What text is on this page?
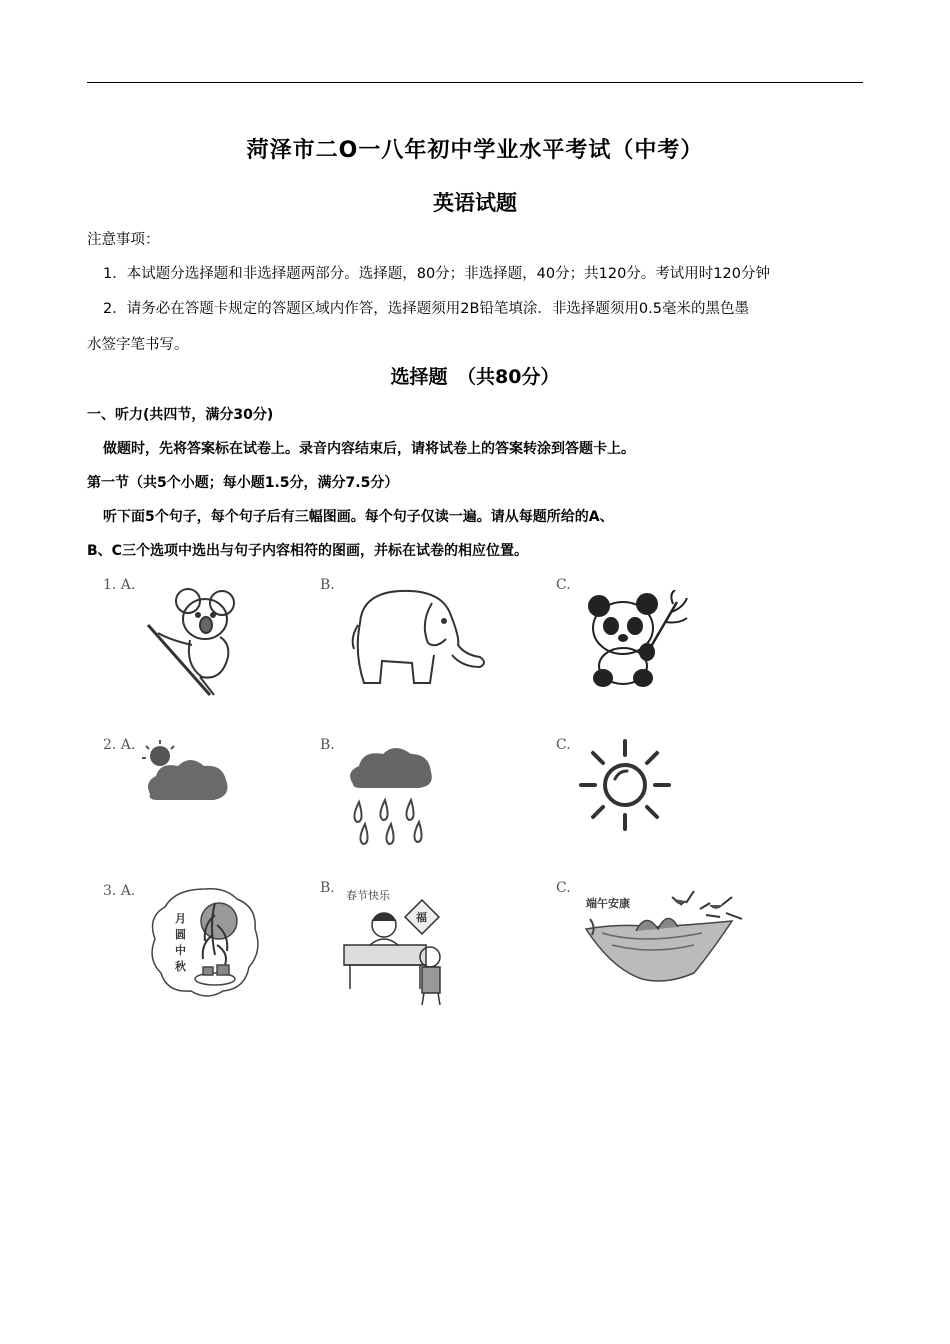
菏泽市二O一八年初中学业水平考试（中考）
英语试题
注意事项：
1．本试题分选择题和非选择题两部分。选择题，80分；非选择题，40分；共120分。考试用时120分钟
2．请务必在答题卡规定的答题区域内作答，选择题须用2B铅笔填涂．非选择题须用0.5毫米的黑色墨
水签字笔书写。
选择题　（共80分）
一、听力(共四节，满分30分)
做题时，先将答案标在试卷上。录音内容结束后，请将试卷上的答案转涂到答题卡上。
第一节（共5个小题；每小题1.5分，满分7.5分）
听下面5个句子，每个句子后有三幅图画。每个句子仅读一遍。请从每题所给的A、
B、C三个选项中选出与句子内容相符的图画，并标在试卷的相应位置。
1. A.	B.	C.
2. A.	B.	C.
3. A.	B.	C.
月
圆
中
秋
春节快乐
福
端午安康
